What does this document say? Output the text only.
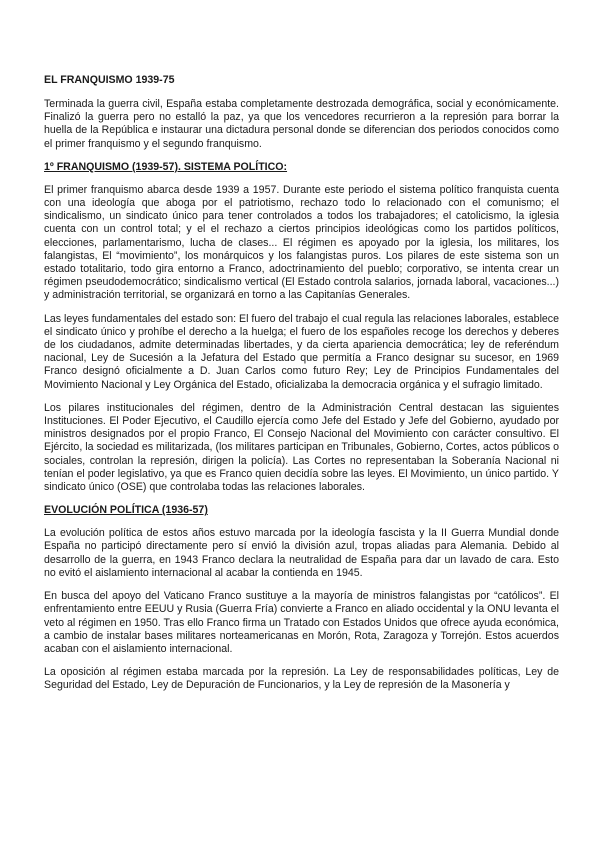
EL FRANQUISMO 1939-75

Terminada la guerra civil, España estaba completamente destrozada demográfica, social y económicamente. Finalizó la guerra pero no estalló la paz, ya que los vencedores recurrieron a la represión para borrar la huella de la República e instaurar una dictadura personal donde se diferencian dos periodos conocidos como el primer franquismo y el segundo franquismo.

1º FRANQUISMO (1939-57). SISTEMA POLÍTICO:

El primer franquismo abarca desde 1939 a 1957. Durante este periodo el sistema político franquista cuenta con una ideología que aboga por el patriotismo, rechazo todo lo relacionado con el comunismo; el sindicalismo, un sindicato único para tener controlados a todos los trabajadores; el catolicismo, la iglesia cuenta con un control total; y el el rechazo a ciertos principios ideológicas como los partidos políticos, elecciones, parlamentarismo, lucha de clases... El régimen es apoyado por la iglesia, los militares, los falangistas, El “movimiento”, los monárquicos y los falangistas puros. Los pilares de este sistema son un estado totalitario, todo gira entorno a Franco, adoctrinamiento del pueblo; corporativo, se intenta crear un régimen pseudodemocrático; sindicalismo vertical (El Estado controla salarios, jornada laboral, vacaciones...) y administración territorial, se organizará en torno a las Capitanías Generales.

Las leyes fundamentales del estado son: El fuero del trabajo el cual regula las relaciones laborales, establece el sindicato único y prohíbe el derecho a la huelga; el fuero de los españoles recoge los derechos y deberes de los ciudadanos, admite determinadas libertades, y da cierta apariencia democrática; ley de referéndum nacional, Ley de Sucesión a la Jefatura del Estado que permitía a Franco designar su sucesor, en 1969 Franco designó oficialmente a D. Juan Carlos como futuro Rey; Ley de Principios Fundamentales del Movimiento Nacional y Ley Orgánica del Estado, oficializaba la democracia orgánica y el sufragio limitado.

Los pilares institucionales del régimen, dentro de la Administración Central destacan las siguientes Instituciones. El Poder Ejecutivo, el Caudillo ejercía como Jefe del Estado y Jefe del Gobierno, ayudado por ministros designados por el propio Franco, El Consejo Nacional del Movimiento con carácter consultivo. El Ejército, la sociedad es militarizada, (los militares participan en Tribunales, Gobierno, Cortes, actos públicos o sociales, controlan la represión, dirigen la policía). Las Cortes no representaban la Soberanía Nacional ni tenían el poder legislativo, ya que es Franco quien decidía sobre las leyes. El Movimiento, un único partido. Y sindicato único (OSE) que controlaba todas las relaciones laborales.

EVOLUCIÓN POLÍTICA (1936-57)

La evolución política de estos años estuvo marcada por la ideología fascista y la II Guerra Mundial donde España no participó directamente pero sí envió la división azul, tropas aliadas para Alemania. Debido al desarrollo de la guerra, en 1943 Franco declara la neutralidad de España para dar un lavado de cara. Esto no evitó el aislamiento internacional al acabar la contienda en 1945.

En busca del apoyo del Vaticano Franco sustituye a la mayoría de ministros falangistas por “católicos”. El enfrentamiento entre EEUU y Rusia (Guerra Fría) convierte a Franco en aliado occidental y la ONU levanta el veto al régimen en 1950. Tras ello Franco firma un Tratado con Estados Unidos que ofrece ayuda económica, a cambio de instalar bases militares norteamericanas en Morón, Rota, Zaragoza y Torrejón. Estos acuerdos acaban con el aislamiento internacional.

La oposición al régimen estaba marcada por la represión. La Ley de responsabilidades políticas, Ley de Seguridad del Estado, Ley de Depuración de Funcionarios, y la Ley de represión de la Masonería y
